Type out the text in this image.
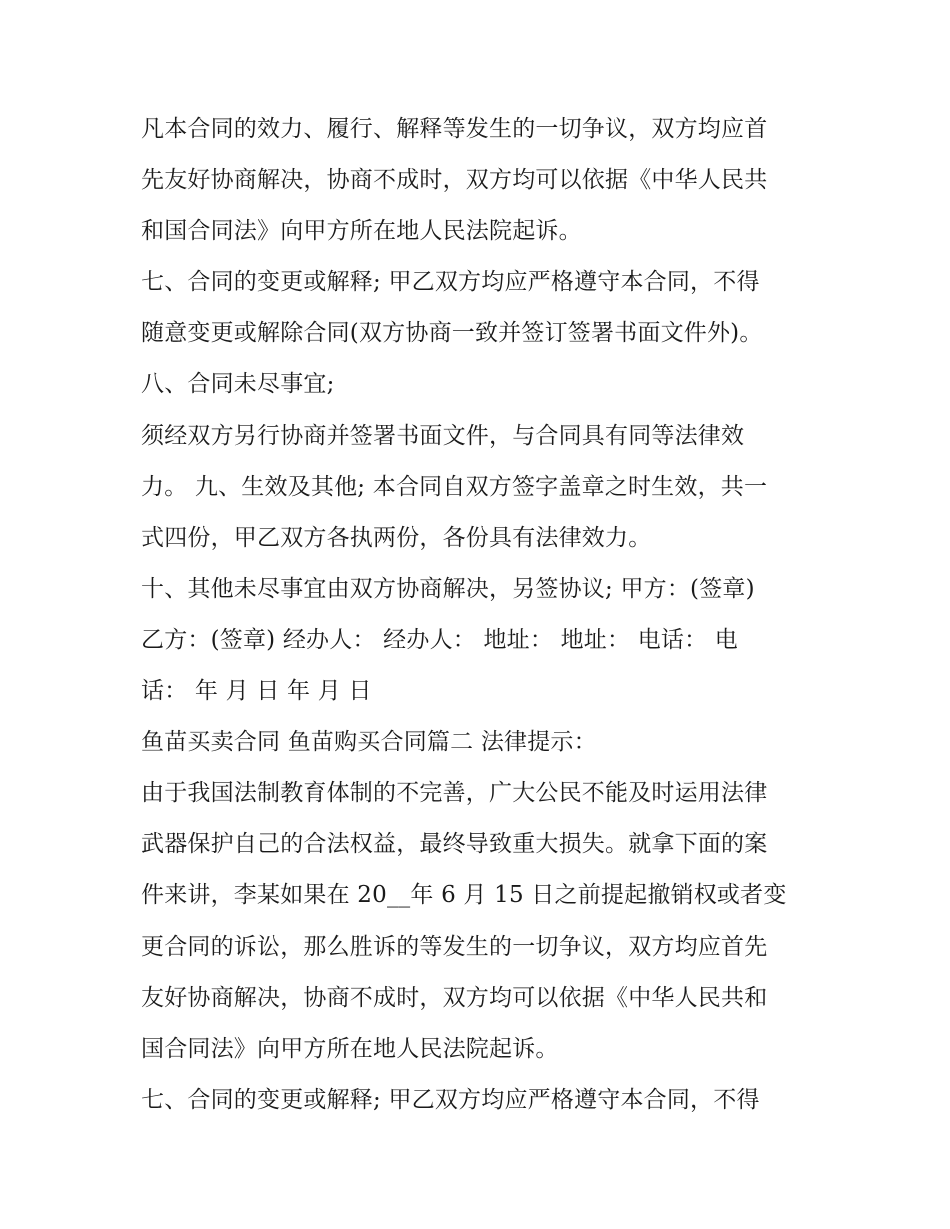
凡本合同的效力、履行、解释等发生的一切争议，双方均应首
先友好协商解决，协商不成时，双方均可以依据《中华人民共
和国合同法》向甲方所在地人民法院起诉。
七、合同的变更或解释; 甲乙双方均应严格遵守本合同，不得
随意变更或解除合同(双方协商一致并签订签署书面文件外)。
八、合同未尽事宜;
须经双方另行协商并签署书面文件，与合同具有同等法律效
力。 九、生效及其他; 本合同自双方签字盖章之时生效，共一
式四份，甲乙双方各执两份，各份具有法律效力。
十、其他未尽事宜由双方协商解决，另签协议; 甲方：(签章)
乙方：(签章) 经办人： 经办人： 地址： 地址： 电话： 电
话： 年 月 日 年 月 日
鱼苗买卖合同 鱼苗购买合同篇二 法律提示：
由于我国法制教育体制的不完善，广大公民不能及时运用法律
武器保护自己的合法权益，最终导致重大损失。就拿下面的案
件来讲，李某如果在 20__年 6 月 15 日之前提起撤销权或者变
更合同的诉讼，那么胜诉的等发生的一切争议，双方均应首先
友好协商解决，协商不成时，双方均可以依据《中华人民共和
国合同法》向甲方所在地人民法院起诉。
七、合同的变更或解释; 甲乙双方均应严格遵守本合同，不得
